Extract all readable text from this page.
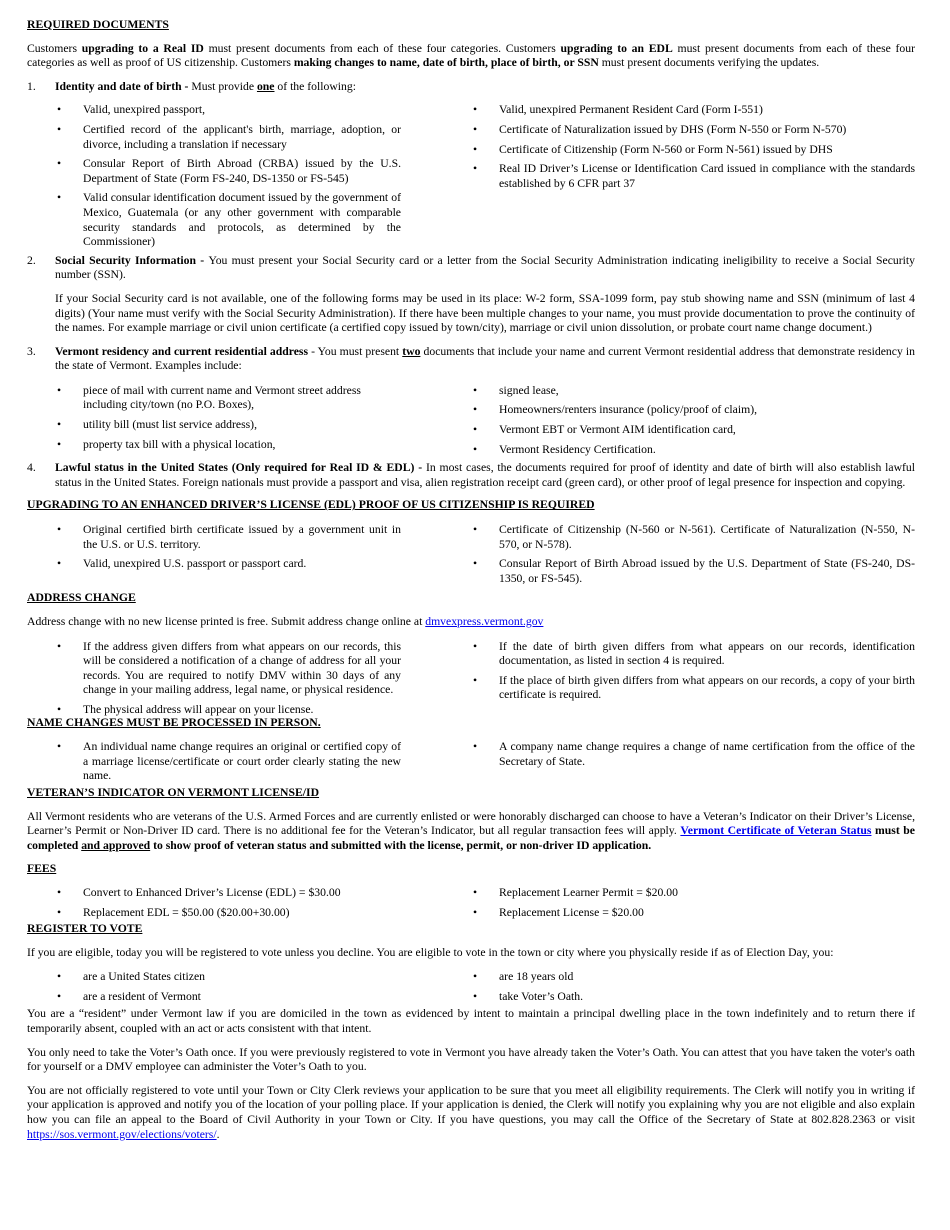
REQUIRED DOCUMENTS

Customers upgrading to a Real ID must present documents from each of these four categories. Customers upgrading to an EDL must present documents from each of these four categories as well as proof of US citizenship. Customers making changes to name, date of birth, place of birth, or SSN must present documents verifying the updates.

1.	Identity and date of birth - Must provide one of the following:
• Valid, unexpired passport,
• Certified record of the applicant's birth, marriage, adoption, or divorce, including a translation if necessary
• Consular Report of Birth Abroad (CRBA) issued by the U.S. Department of State (Form FS-240, DS-1350 or FS-545)
• Valid consular identification document issued by the government of Mexico, Guatemala (or any other government with comparable security standards and protocols, as determined by the Commissioner)
• Valid, unexpired Permanent Resident Card (Form I-551)
• Certificate of Naturalization issued by DHS (Form N-550 or Form N-570)
• Certificate of Citizenship (Form N-560 or Form N-561) issued by DHS
• Real ID Driver’s License or Identification Card issued in compliance with the standards established by 6 CFR part 37
2.	Social Security Information - You must present your Social Security card or a letter from the Social Security Administration indicating ineligibility to receive a Social Security number (SSN).

If your Social Security card is not available, one of the following forms may be used in its place: W-2 form, SSA-1099 form, pay stub showing name and SSN (minimum of last 4 digits) (Your name must verify with the Social Security Administration). If there have been multiple changes to your name, you must provide documentation to prove the continuity of the names. For example marriage or civil union certificate (a certified copy issued by town/city), marriage or civil union dissolution, or probate court name change document.)

3.	Vermont residency and current residential address - You must present two documents that include your name and current Vermont residential address that demonstrate residency in the state of Vermont. Examples include:
• piece of mail with current name and Vermont street address including city/town (no P.O. Boxes),
• utility bill (must list service address),
• property tax bill with a physical location,
• signed lease,
• Homeowners/renters insurance (policy/proof of claim),
• Vermont EBT or Vermont AIM identification card,
• Vermont Residency Certification.
4.	Lawful status in the United States (Only required for Real ID & EDL) - In most cases, the documents required for proof of identity and date of birth will also establish lawful status in the United States. Foreign nationals must provide a passport and visa, alien registration receipt card (green card), or other proof of legal presence for inspection and copying.

UPGRADING TO AN ENHANCED DRIVER’S LICENSE (EDL) PROOF OF US CITIZENSHIP IS REQUIRED

• Original certified birth certificate issued by a government unit in the U.S. or U.S. territory.
• Valid, unexpired U.S. passport or passport card.
• Certificate of Citizenship (N-560 or N-561). Certificate of Naturalization (N-550, N-570, or N-578).
• Consular Report of Birth Abroad issued by the U.S. Department of State (FS-240, DS-1350, or FS-545).

ADDRESS CHANGE

Address change with no new license printed is free. Submit address change online at dmvexpress.vermont.gov

• If the address given differs from what appears on our records, this will be considered a notification of a change of address for all your records. You are required to notify DMV within 30 days of any change in your mailing address, legal name, or physical residence.
• The physical address will appear on your license.
• If the date of birth given differs from what appears on our records, identification documentation, as listed in section 4 is required.
• If the place of birth given differs from what appears on our records, a copy of your birth certificate is required.

NAME CHANGES MUST BE PROCESSED IN PERSON.

• An individual name change requires an original or certified copy of a marriage license/certificate or court order clearly stating the new name.
• A company name change requires a change of name certification from the office of the Secretary of State.

VETERAN’S INDICATOR ON VERMONT LICENSE/ID

All Vermont residents who are veterans of the U.S. Armed Forces and are currently enlisted or were honorably discharged can choose to have a Veteran’s Indicator on their Driver’s License, Learner’s Permit or Non-Driver ID card. There is no additional fee for the Veteran’s Indicator, but all regular transaction fees will apply. Vermont Certificate of Veteran Status must be completed and approved to show proof of veteran status and submitted with the license, permit, or non-driver ID application.

FEES

• Convert to Enhanced Driver’s License (EDL) = $30.00
• Replacement EDL = $50.00 ($20.00+30.00)
• Replacement Learner Permit = $20.00
• Replacement License = $20.00

REGISTER TO VOTE

If you are eligible, today you will be registered to vote unless you decline. You are eligible to vote in the town or city where you physically reside if as of Election Day, you:

• are a United States citizen
• are a resident of Vermont
• are 18 years old
• take Voter’s Oath.

You are a “resident” under Vermont law if you are domiciled in the town as evidenced by intent to maintain a principal dwelling place in the town indefinitely and to return there if temporarily absent, coupled with an act or acts consistent with that intent.

You only need to take the Voter’s Oath once. If you were previously registered to vote in Vermont you have already taken the Voter’s Oath. You can attest that you have taken the voter's oath for yourself or a DMV employee can administer the Voter’s Oath to you.

You are not officially registered to vote until your Town or City Clerk reviews your application to be sure that you meet all eligibility requirements. The Clerk will notify you in writing if your application is approved and notify you of the location of your polling place. If your application is denied, the Clerk will notify you explaining why you are not eligible and also explain how you can file an appeal to the Board of Civil Authority in your Town or City. If you have questions, you may call the Office of the Secretary of State at 802.828.2363 or visit https://sos.vermont.gov/elections/voters/.
